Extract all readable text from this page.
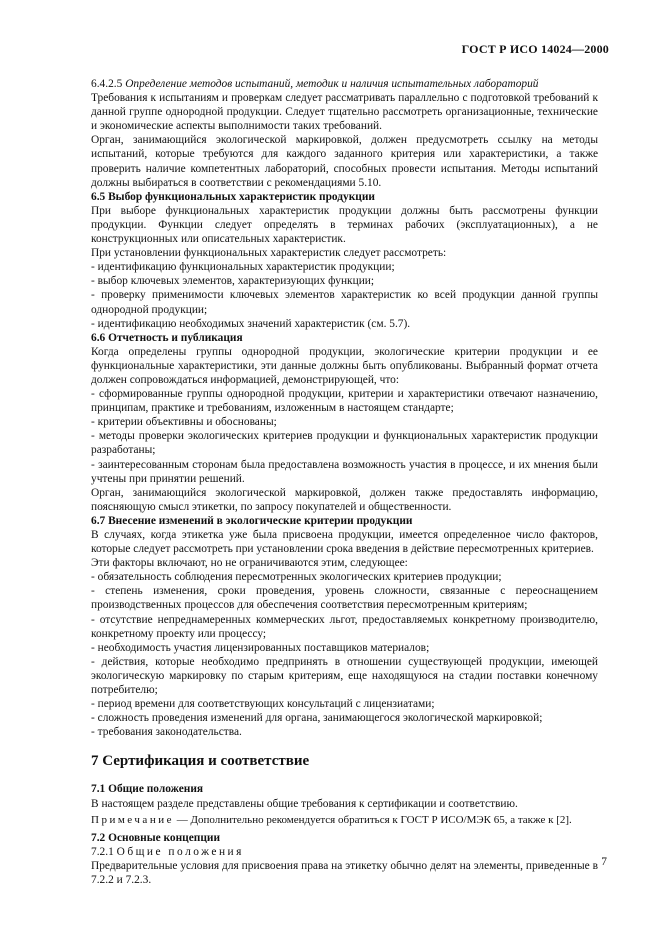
ГОСТ Р ИСО 14024—2000

6.4.2.5 Определение методов испытаний, методик и наличия испытательных лабораторий

Требования к испытаниям и проверкам следует рассматривать параллельно с подготовкой требований к данной группе однородной продукции. Следует тщательно рассмотреть организационные, технические и экономические аспекты выполнимости таких требований.

Орган, занимающийся экологической маркировкой, должен предусмотреть ссылку на методы испытаний, которые требуются для каждого заданного критерия или характеристики, а также проверить наличие компетентных лабораторий, способных провести испытания. Методы испытаний должны выбираться в соответствии с рекомендациями 5.10.

6.5 Выбор функциональных характеристик продукции

При выборе функциональных характеристик продукции должны быть рассмотрены функции продукции. Функции следует определять в терминах рабочих (эксплуатационных), а не конструкционных или описательных характеристик.

При установлении функциональных характеристик следует рассмотреть:

- идентификацию функциональных характеристик продукции;

- выбор ключевых элементов, характеризующих функции;

- проверку применимости ключевых элементов характеристик ко всей продукции данной группы однородной продукции;

- идентификацию необходимых значений характеристик (см. 5.7).

6.6 Отчетность и публикация

Когда определены группы однородной продукции, экологические критерии продукции и ее функциональные характеристики, эти данные должны быть опубликованы. Выбранный формат отчета должен сопровождаться информацией, демонстрирующей, что:

- сформированные группы однородной продукции, критерии и характеристики отвечают назначению, принципам, практике и требованиям, изложенным в настоящем стандарте;

- критерии объективны и обоснованы;

- методы проверки экологических критериев продукции и функциональных характеристик продукции разработаны;

- заинтересованным сторонам была предоставлена возможность участия в процессе, и их мнения были учтены при принятии решений.

Орган, занимающийся экологической маркировкой, должен также предоставлять информацию, поясняющую смысл этикетки, по запросу покупателей и общественности.

6.7 Внесение изменений в экологические критерии продукции

В случаях, когда этикетка уже была присвоена продукции, имеется определенное число факторов, которые следует рассмотреть при установлении срока введения в действие пересмотренных критериев.

Эти факторы включают, но не ограничиваются этим, следующее:

- обязательность соблюдения пересмотренных экологических критериев продукции;

- степень изменения, сроки проведения, уровень сложности, связанные с переоснащением производственных процессов для обеспечения соответствия пересмотренным критериям;

- отсутствие непреднамеренных коммерческих льгот, предоставляемых конкретному производителю, конкретному проекту или процессу;

- необходимость участия лицензированных поставщиков материалов;

- действия, которые необходимо предпринять в отношении существующей продукции, имеющей экологическую маркировку по старым критериям, еще находящуюся на стадии поставки конечному потребителю;

- период времени для соответствующих консультаций с лицензиатами;

- сложность проведения изменений для органа, занимающегося экологической маркировкой;

- требования законодательства.

7 Сертификация и соответствие

7.1 Общие положения

В настоящем разделе представлены общие требования к сертификации и соответствию.

Примечание — Дополнительно рекомендуется обратиться к ГОСТ Р ИСО/МЭК 65, а также к [2].

7.2 Основные концепции

7.2.1 Общие положения

Предварительные условия для присвоения права на этикетку обычно делят на элементы, приведенные в 7.2.2 и 7.2.3.

7
